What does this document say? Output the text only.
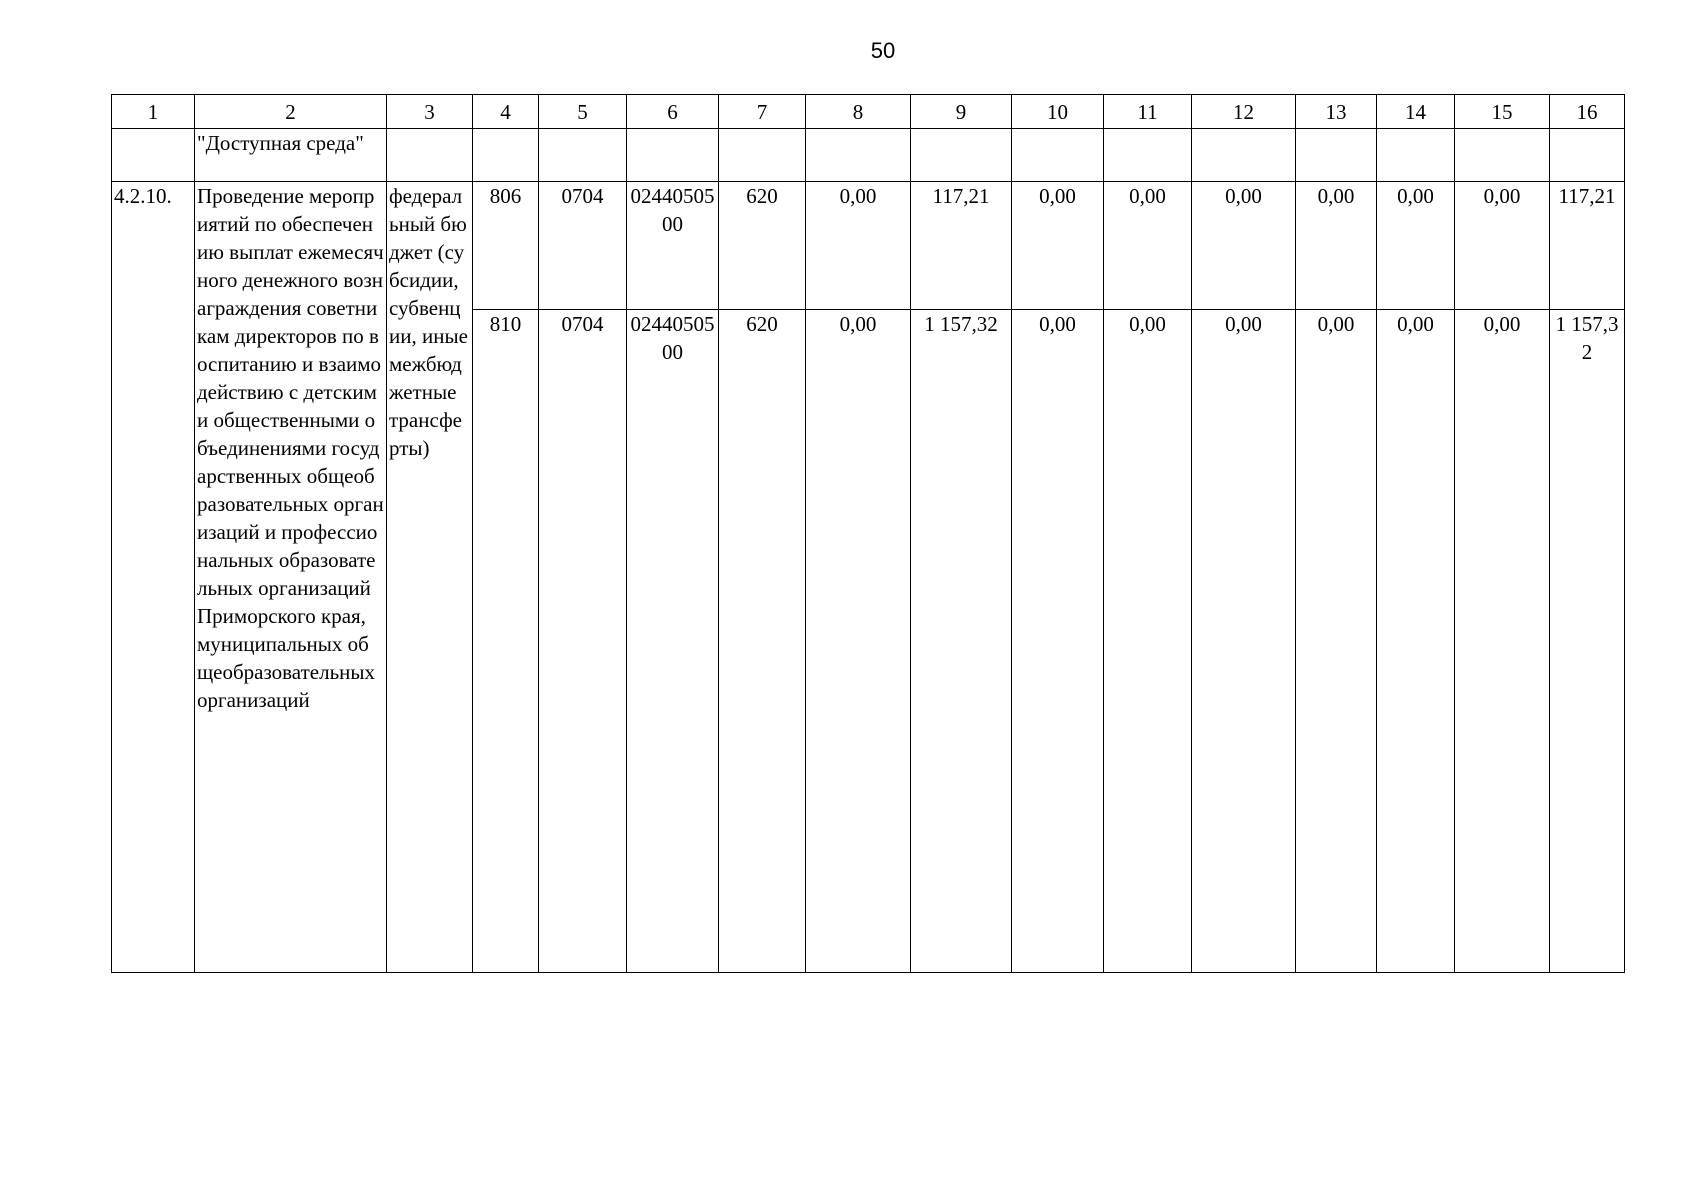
50
1	2	3	4	5	6	7	8	9	10	11	12	13	14	15	16
	"Доступная среда"														
4.2.10.	Проведение мероприятий по обеспечению выплат ежемесячного денежного вознаграждения советникам директоров по воспитанию и взаимодействию с детскими общественными объединениями государственных общеобразовательных организаций и профессиональных образовательных организаций Приморского края, муниципальных общеобразовательных организаций	федеральный бюджет (субсидии, субвенции, иные межбюджетные трансферты)	806	0704	0244050500	620	0,00	117,21	0,00	0,00	0,00	0,00	0,00	0,00	117,21
			810	0704	0244050500	620	0,00	1 157,32	0,00	0,00	0,00	0,00	0,00	0,00	1 157,32
